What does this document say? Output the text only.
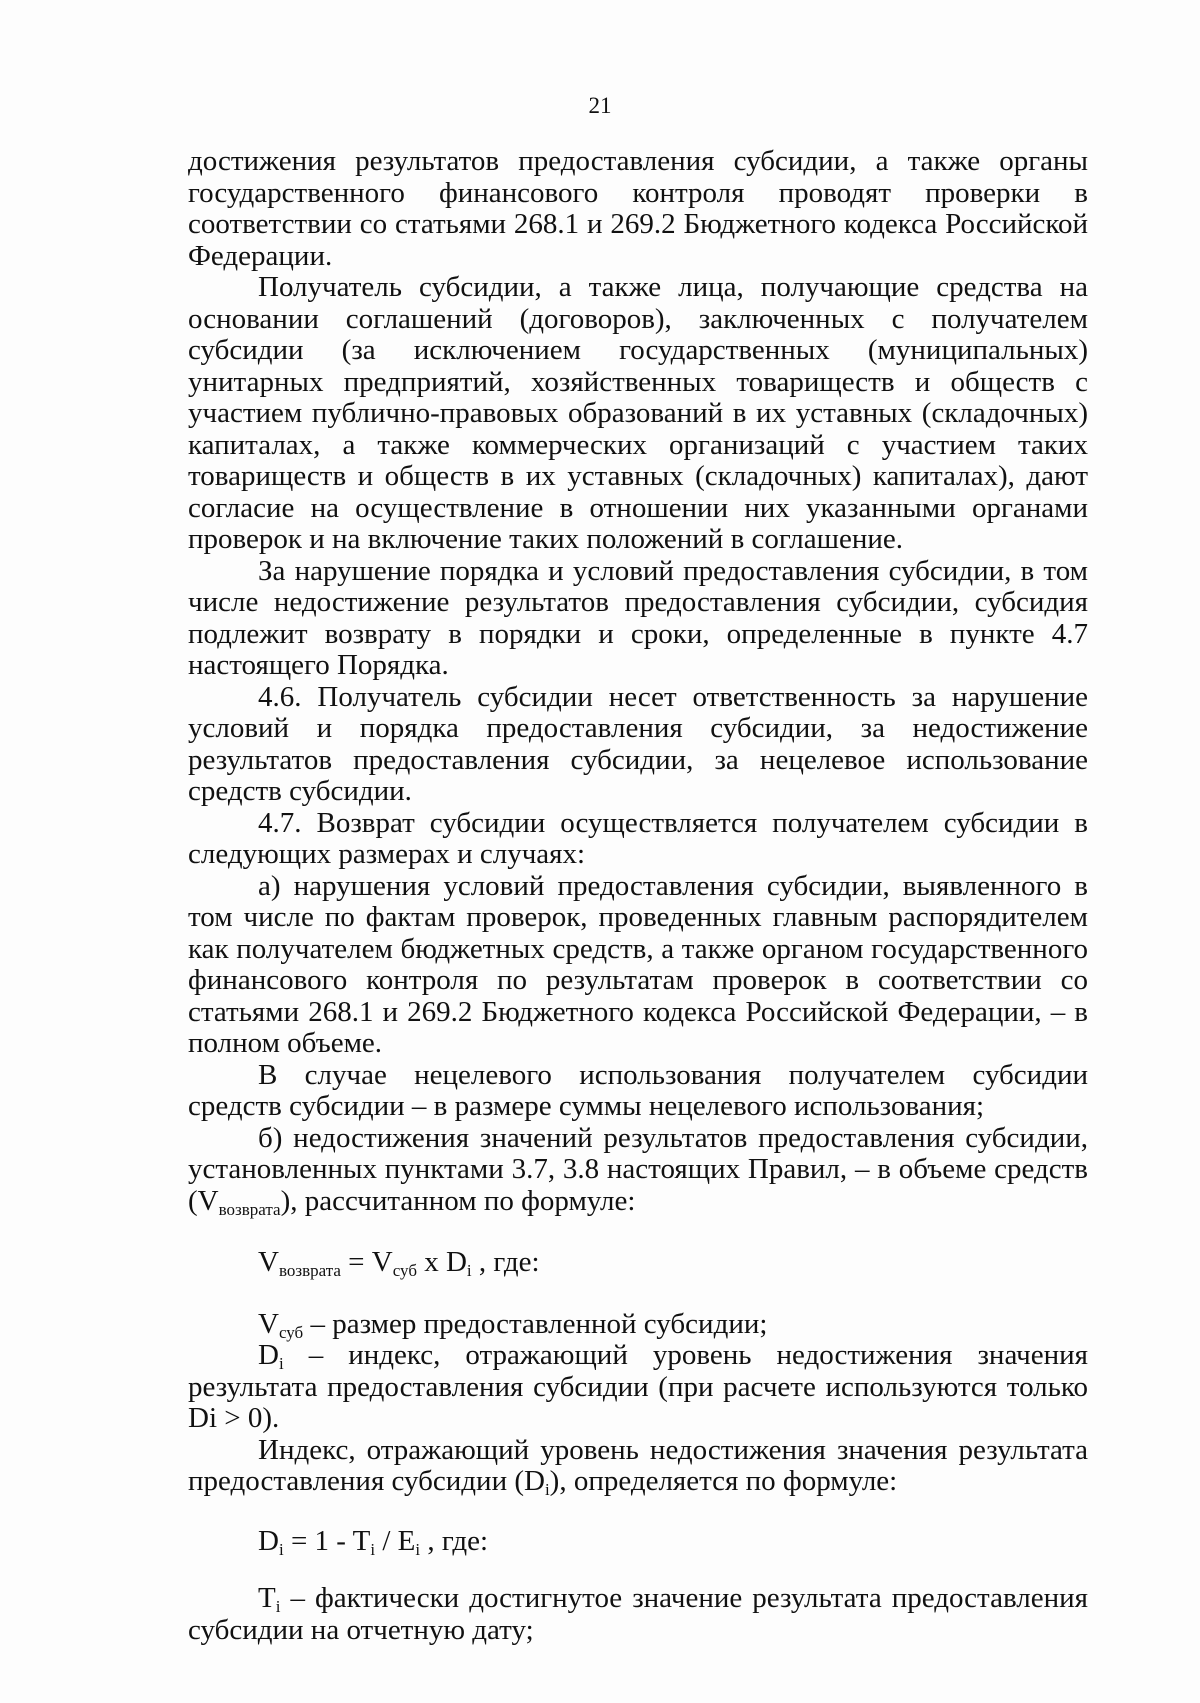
21

достижения результатов предоставления субсидии, а также органы государственного финансового контроля проводят проверки в соответствии со статьями 268.1 и 269.2 Бюджетного кодекса Российской Федерации.

Получатель субсидии, а также лица, получающие средства на основании соглашений (договоров), заключенных с получателем субсидии (за исключением государственных (муниципальных) унитарных предприятий, хозяйственных товариществ и обществ с участием публично-правовых образований в их уставных (складочных) капиталах, а также коммерческих организаций с участием таких товариществ и обществ в их уставных (складочных) капиталах), дают согласие на осуществление в отношении них указанными органами проверок и на включение таких положений в соглашение.

За нарушение порядка и условий предоставления субсидии, в том числе недостижение результатов предоставления субсидии, субсидия подлежит возврату в порядки и сроки, определенные в пункте 4.7 настоящего Порядка.

4.6. Получатель субсидии несет ответственность за нарушение условий и порядка предоставления субсидии, за недостижение результатов предоставления субсидии, за нецелевое использование средств субсидии.

4.7. Возврат субсидии осуществляется получателем субсидии в следующих размерах и случаях:

а) нарушения условий предоставления субсидии, выявленного в том числе по фактам проверок, проведенных главным распорядителем как получателем бюджетных средств, а также органом государственного финансового контроля по результатам проверок в соответствии со статьями 268.1 и 269.2 Бюджетного кодекса Российской Федерации, – в полном объеме.

В случае нецелевого использования получателем субсидии средств субсидии – в размере суммы нецелевого использования;

б) недостижения значений результатов предоставления субсидии, установленных пунктами 3.7, 3.8 настоящих Правил, – в объеме средств $(V_{возврата})$, рассчитанном по формуле:

$V_{возврата} = V_{суб}$ x $D_i$ , где:

$V_{суб}$ – размер предоставленной субсидии;

$D_i$ – индекс, отражающий уровень недостижения значения результата предоставления субсидии (при расчете используются только Di > 0).

Индекс, отражающий уровень недостижения значения результата предоставления субсидии $(D_i)$, определяется по формуле:

$D_i = 1 - T_i / E_i$ , где:

$T_i$ – фактически достигнутое значение результата предоставления субсидии на отчетную дату;
